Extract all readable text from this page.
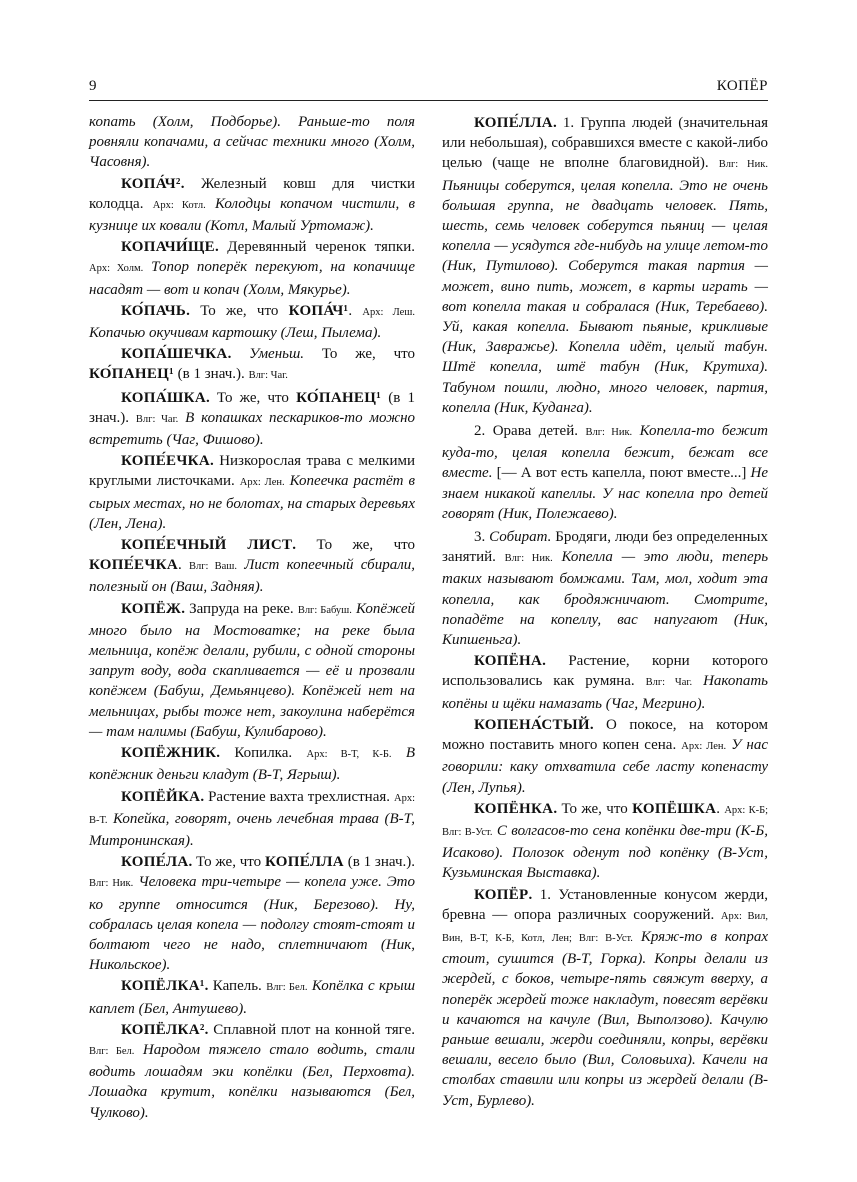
9	КОПЁР

копать (Холм, Подборье). Раньше-то поля ровняли копачами, а сейчас техники много (Холм, Часовня).

КОПА́Ч². Железный ковш для чистки колодца. Арх: Котл. Колодцы копачом чистили, в кузнице их ковали (Котл, Малый Уртомаж).

КОПАЧИ́ЩЕ. Деревянный черенок тяпки. Арх: Холм. Топор поперёк перекуют, на копачище насадят — вот и копач (Холм, Мякурье).

КО́ПАЧЬ. То же, что КОПА́Ч¹. Арх: Леш. Копачью окучивам картошку (Леш, Пылема).

КОПА́ШЕЧКА. Уменьш. То же, что КО́ПАНЕЦ¹ (в 1 знач.). Влг: Чаг.

КОПА́ШКА. То же, что КО́ПАНЕЦ¹ (в 1 знач.). Влг: Чаг. В копашках пескариков-то можно встретить (Чаг, Фишово).

КОПЕ́ЕЧКА. Низкорослая трава с мелкими круглыми листочками. Арх: Лен. Копеечка растёт в сырых местах, но не болотах, на старых деревьях (Лен, Лена).

КОПЕ́ЕЧНЫЙ ЛИСТ. То же, что КОПЕ́ЕЧКА. Влг: Ваш. Лист копеечный сбирали, полезный он (Ваш, Задняя).

КОПЁЖ. Запруда на реке. Влг: Бабуш. Копёжей много было на Мостоватке; на реке была мельница, копёж делали, рубили, с одной стороны запрут воду, вода скапливается — её и прозвали копёжем (Бабуш, Демьянцево). Копёжей нет на мельницах, рыбы тоже нет, закоулина наберётся — там налимы (Бабуш, Кулибарово).

КОПЁЖНИК. Копилка. Арх: В-Т, К-Б. В копёжник деньги кладут (В-Т, Ягрыш).

КОПЁЙКА. Растение вахта трехлистная. Арх: В-Т. Копейка, говорят, очень лечебная трава (В-Т, Митронинская).

КОПЕ́ЛА. То же, что КОПЕ́ЛЛА (в 1 знач.). Влг: Ник. Человека три-четыре — копела уже. Это ко группе относится (Ник, Березово). Ну, собралась целая копела — подолгу стоят-стоят и болтают чего не надо, сплетничают (Ник, Никольское).

КОПЁЛКА¹. Капель. Влг: Бел. Копёлка с крыш каплет (Бел, Антушево).

КОПЁЛКА². Сплавной плот на конной тяге. Влг: Бел. Народом тяжело стало водить, стали водить лошадям эки копёлки (Бел, Перховта). Лошадка крутит, копёлки называются (Бел, Чулково).

КОПЕ́ЛЛА. 1. Группа людей (значительная или небольшая), собравшихся вместе с какой-либо целью (чаще не вполне благовидной). Влг: Ник. Пьяницы соберутся, целая копелла. Это не очень большая группа, не двадцать человек. Пять, шесть, семь человек соберутся пьяниц — целая копелла — усядутся где-нибудь на улице летом-то (Ник, Путилово). Соберутся такая партия — может, вино пить, может, в карты играть — вот копелла такая и собралася (Ник, Теребаево). Уй, какая копелла. Бывают пьяные, крикливые (Ник, Завражье). Копелла идёт, целый табун. Штё копелла, штё табун (Ник, Крутиха). Табуном пошли, людно, много человек, партия, копелла (Ник, Куданга).

2. Орава детей. Влг: Ник. Копелла-то бежит куда-то, целая копелла бежит, бежат все вместе. [— А вот есть капелла, поют вместе...] Не знаем никакой капеллы. У нас копелла про детей говорят (Ник, Полежаево).

3. Собират. Бродяги, люди без определенных занятий. Влг: Ник. Копелла — это люди, теперь таких называют бомжами. Там, мол, ходит эта копелла, как бродяжничают. Смотрите, попадёте на копеллу, вас напугают (Ник, Кипшеньга).

КОПЁНА. Растение, корни которого использовались как румяна. Влг: Чаг. Накопать копёны и щёки намазать (Чаг, Мегрино).

КОПЕНА́СТЫЙ. О покосе, на котором можно поставить много копен сена. Арх: Лен. У нас говорили: каку отхватила себе ласту копенасту (Лен, Лупья).

КОПЁНКА. То же, что КОПЁШКА. Арх: К-Б; Влг: В-Уст. С волгасов-то сена копёнки две-три (К-Б, Исаково). Полозок оденут под копёнку (В-Уст, Кузьминская Выставка).

КОПЁР. 1. Установленные конусом жерди, бревна — опора различных сооружений. Арх: Вил, Вин, В-Т, К-Б, Котл, Лен; Влг: В-Уст. Кряж-то в копрах стоит, сушится (В-Т, Горка). Копры делали из жердей, с боков, четыре-пять свяжут вверху, а поперёк жердей тоже накладут, повесят верёвки и качаются на качуле (Вил, Выползово). Качулю раньше вешали, жерди соединяли, копры, верёвки вешали, весело было (Вил, Соловьиха). Качели на столбах ставили или копры из жердей делали (В-Уст, Бурлево).
